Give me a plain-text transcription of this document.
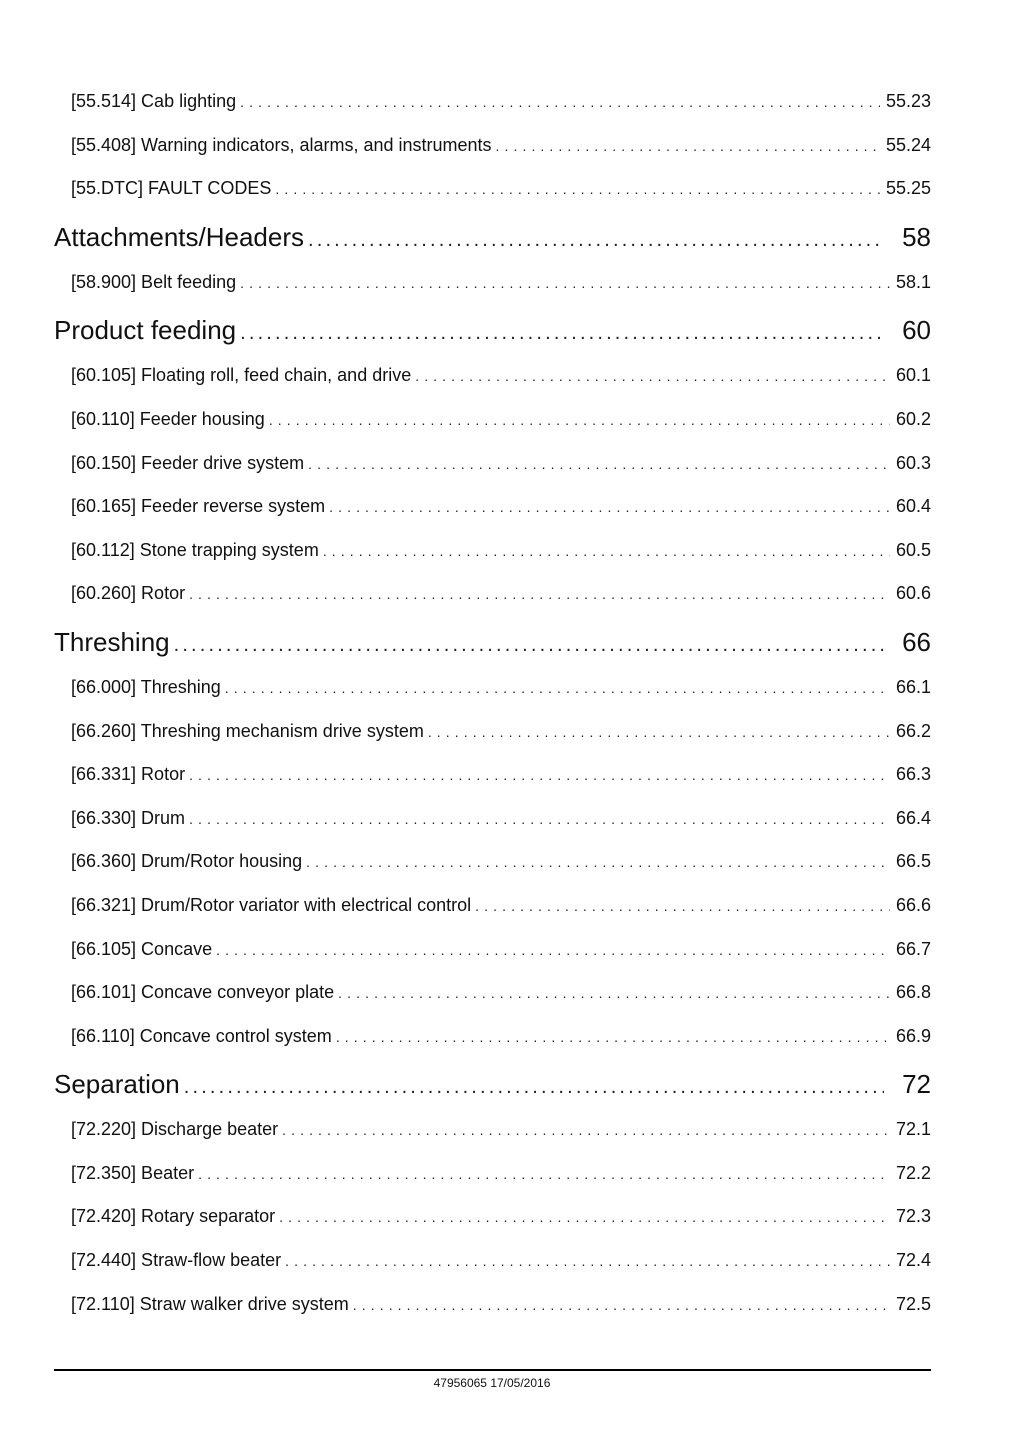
[55.514] Cab lighting . . .	55.23
[55.408] Warning indicators, alarms, and instruments . . .	55.24
[55.DTC] FAULT CODES . . .	55.25
Attachments/Headers . . .	58
[58.900] Belt feeding . . .	58.1
Product feeding . . .	60
[60.105] Floating roll, feed chain, and drive . . .	60.1
[60.110] Feeder housing . . .	60.2
[60.150] Feeder drive system . . .	60.3
[60.165] Feeder reverse system . . .	60.4
[60.112] Stone trapping system . . .	60.5
[60.260] Rotor . . .	60.6
Threshing . . .	66
[66.000] Threshing . . .	66.1
[66.260] Threshing mechanism drive system . . .	66.2
[66.331] Rotor . . .	66.3
[66.330] Drum . . .	66.4
[66.360] Drum/Rotor housing . . .	66.5
[66.321] Drum/Rotor variator with electrical control . . .	66.6
[66.105] Concave . . .	66.7
[66.101] Concave conveyor plate . . .	66.8
[66.110] Concave control system . . .	66.9
Separation . . .	72
[72.220] Discharge beater . . .	72.1
[72.350] Beater . . .	72.2
[72.420] Rotary separator . . .	72.3
[72.440] Straw-flow beater . . .	72.4
[72.110] Straw walker drive system . . .	72.5
47956065 17/05/2016
